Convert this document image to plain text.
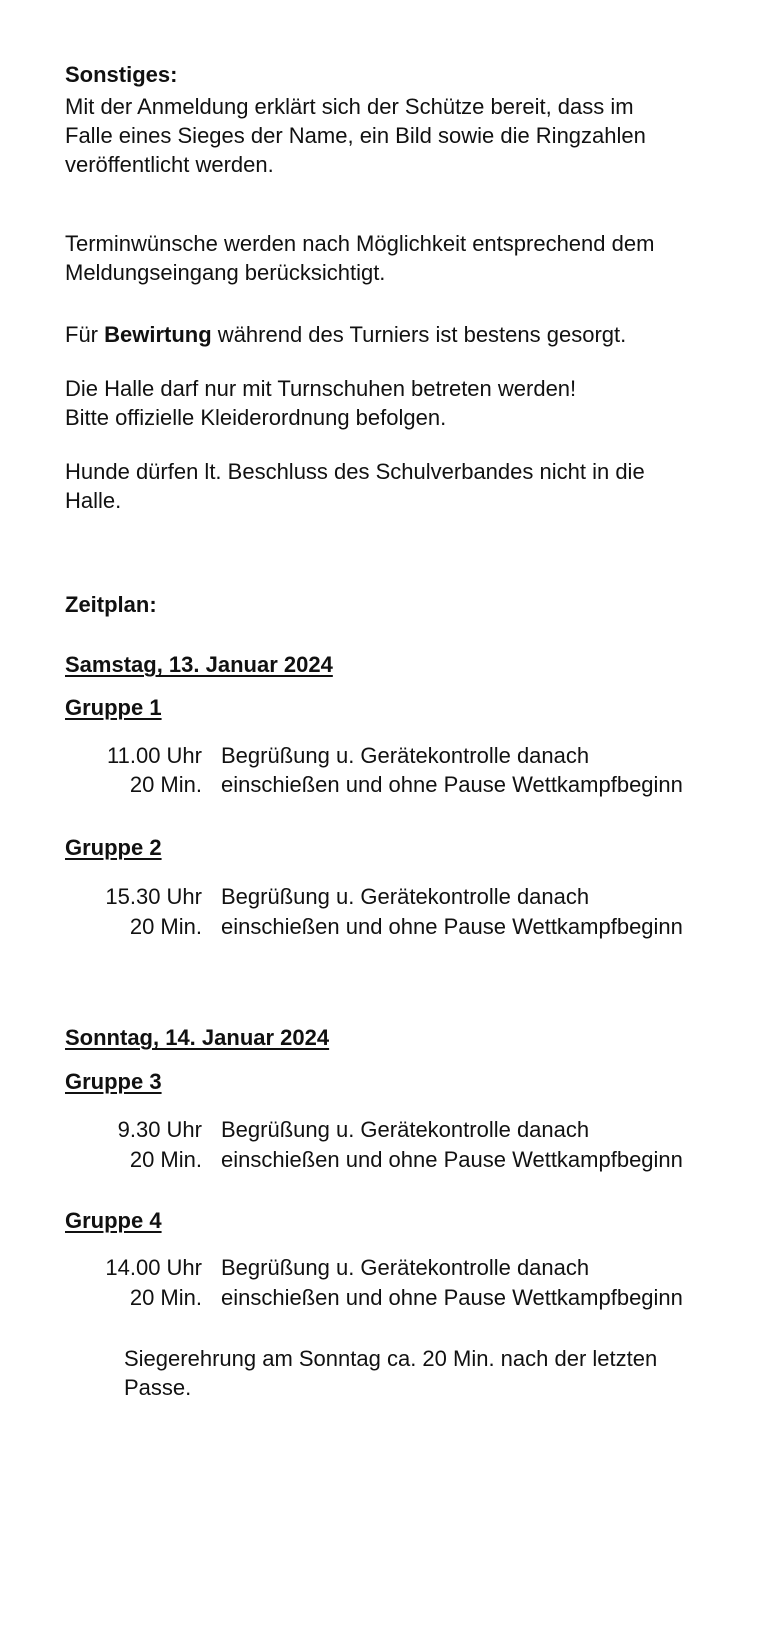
Sonstiges:
Mit der Anmeldung erklärt sich der Schütze bereit, dass im
Falle eines Sieges der Name, ein Bild sowie die Ringzahlen
veröffentlicht werden.
Terminwünsche werden nach Möglichkeit entsprechend dem
Meldungseingang berücksichtigt.
Für Bewirtung während des Turniers ist bestens gesorgt.
Die Halle darf nur mit Turnschuhen betreten werden!
Bitte offizielle Kleiderordnung befolgen.
Hunde dürfen lt. Beschluss des Schulverbandes nicht in die
Halle.
Zeitplan:
Samstag, 13. Januar 2024
Gruppe 1
11.00 Uhr Begrüßung u. Gerätekontrolle danach
20 Min. einschießen und ohne Pause Wettkampfbeginn
Gruppe 2
15.30 Uhr Begrüßung u. Gerätekontrolle danach
20 Min. einschießen und ohne Pause Wettkampfbeginn
Sonntag, 14. Januar 2024
Gruppe 3
9.30 Uhr Begrüßung u. Gerätekontrolle danach
20 Min. einschießen und ohne Pause Wettkampfbeginn
Gruppe 4
14.00 Uhr Begrüßung u. Gerätekontrolle danach
20 Min. einschießen und ohne Pause Wettkampfbeginn
Siegerehrung am Sonntag ca. 20 Min. nach der letzten
Passe.
